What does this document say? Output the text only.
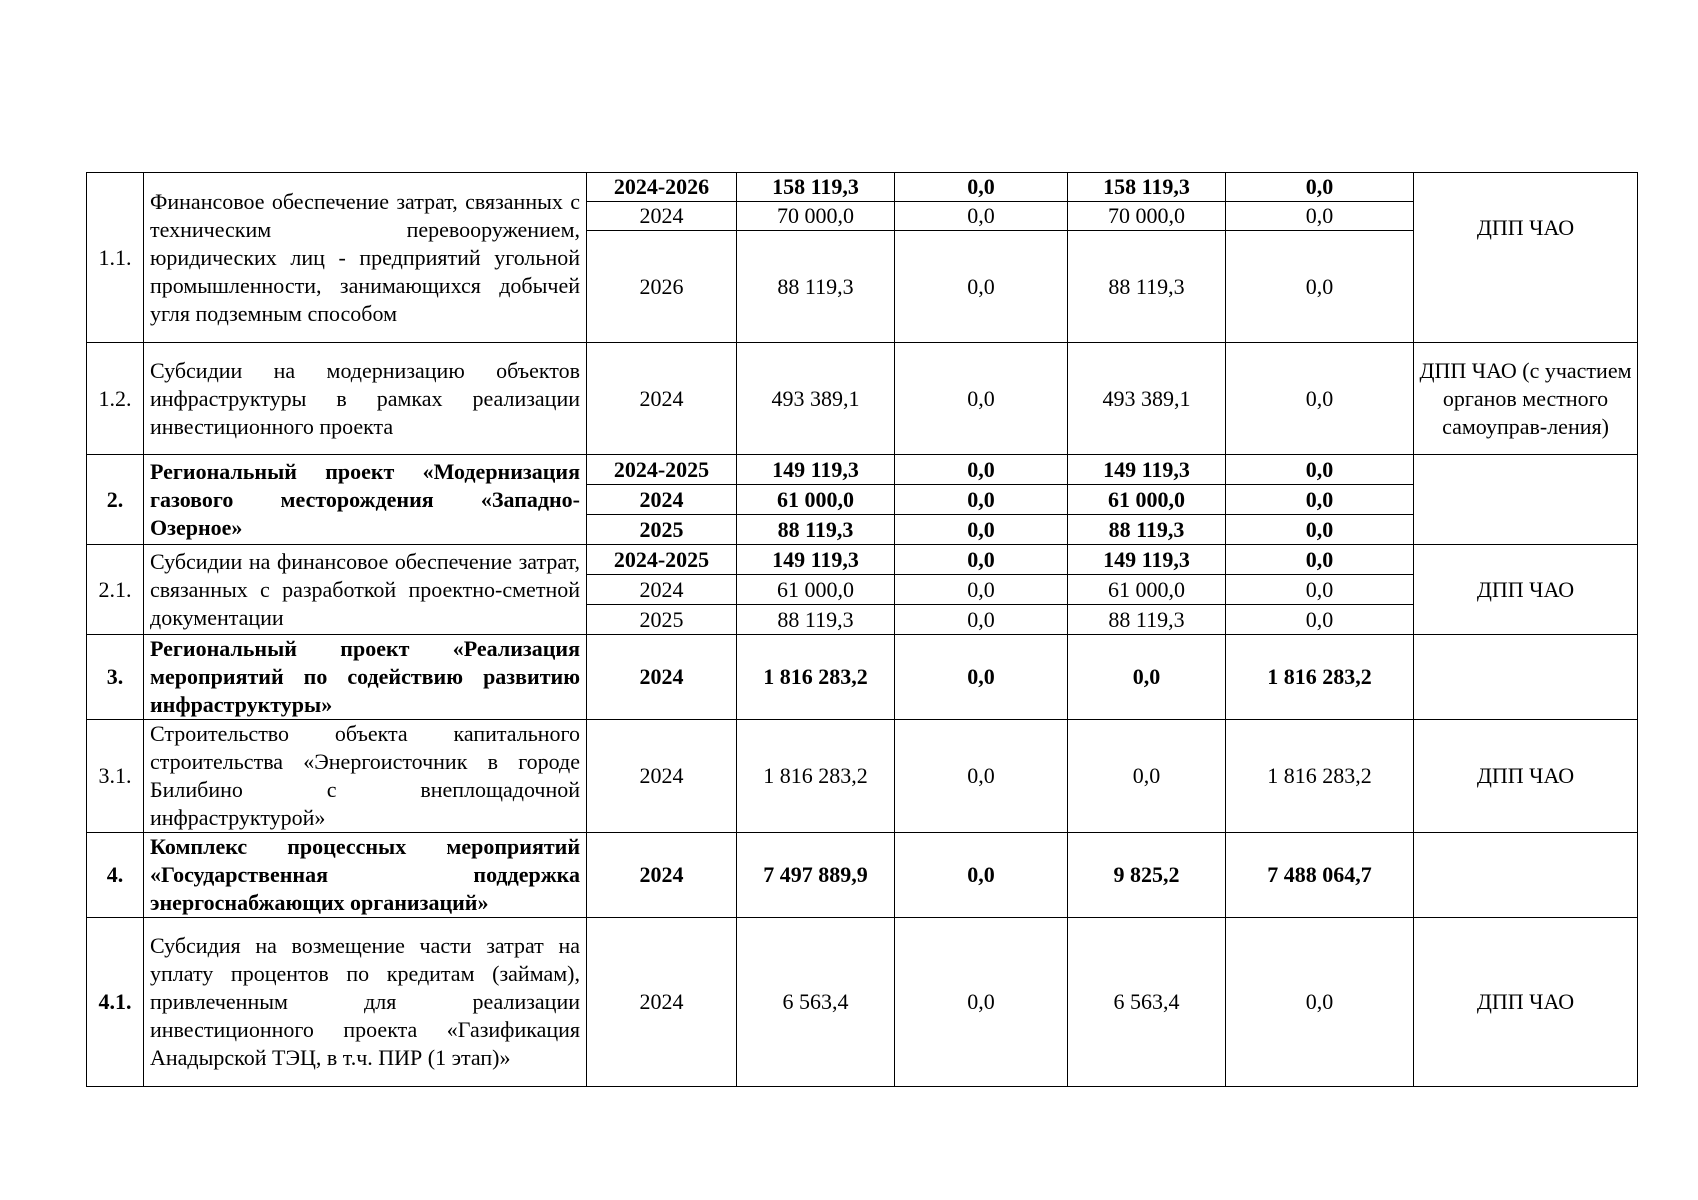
1.1.	Финансовое обеспечение затрат, связанных с техническим перевооружением, юридических лиц - предприятий угольной промышленности, занимающихся добычей угля подземным способом	2024-2026	158 119,3	0,0	158 119,3	0,0	ДПП ЧАО
		2024	70 000,0	0,0	70 000,0	0,0	
		2026	88 119,3	0,0	88 119,3	0,0	
1.2.	Субсидии на модернизацию объектов инфраструктуры в рамках реализации инвестиционного проекта	2024	493 389,1	0,0	493 389,1	0,0	ДПП ЧАО (с участием органов местного самоуправ-ления)
2.	Региональный проект «Модернизация газового месторождения «Западно-Озерное»	2024-2025	149 119,3	0,0	149 119,3	0,0	
		2024	61 000,0	0,0	61 000,0	0,0	
		2025	88 119,3	0,0	88 119,3	0,0	
2.1.	Субсидии на финансовое обеспечение затрат, связанных с разработкой проектно-сметной документации	2024-2025	149 119,3	0,0	149 119,3	0,0	ДПП ЧАО
		2024	61 000,0	0,0	61 000,0	0,0	
		2025	88 119,3	0,0	88 119,3	0,0	
3.	Региональный проект «Реализация мероприятий по содействию развитию инфраструктуры»	2024	1 816 283,2	0,0	0,0	1 816 283,2	
3.1.	Строительство объекта капитального строительства «Энергоисточник в городе Билибино с внеплощадочной инфраструктурой»	2024	1 816 283,2	0,0	0,0	1 816 283,2	ДПП ЧАО
4.	Комплекс процессных мероприятий «Государственная поддержка энергоснабжающих организаций»	2024	7 497 889,9	0,0	9 825,2	7 488 064,7	
4.1.	Субсидия на возмещение части затрат на уплату процентов по кредитам (займам), привлеченным для реализации инвестиционного проекта «Газификация Анадырской ТЭЦ, в т.ч. ПИР (1 этап)»	2024	6 563,4	0,0	6 563,4	0,0	ДПП ЧАО
